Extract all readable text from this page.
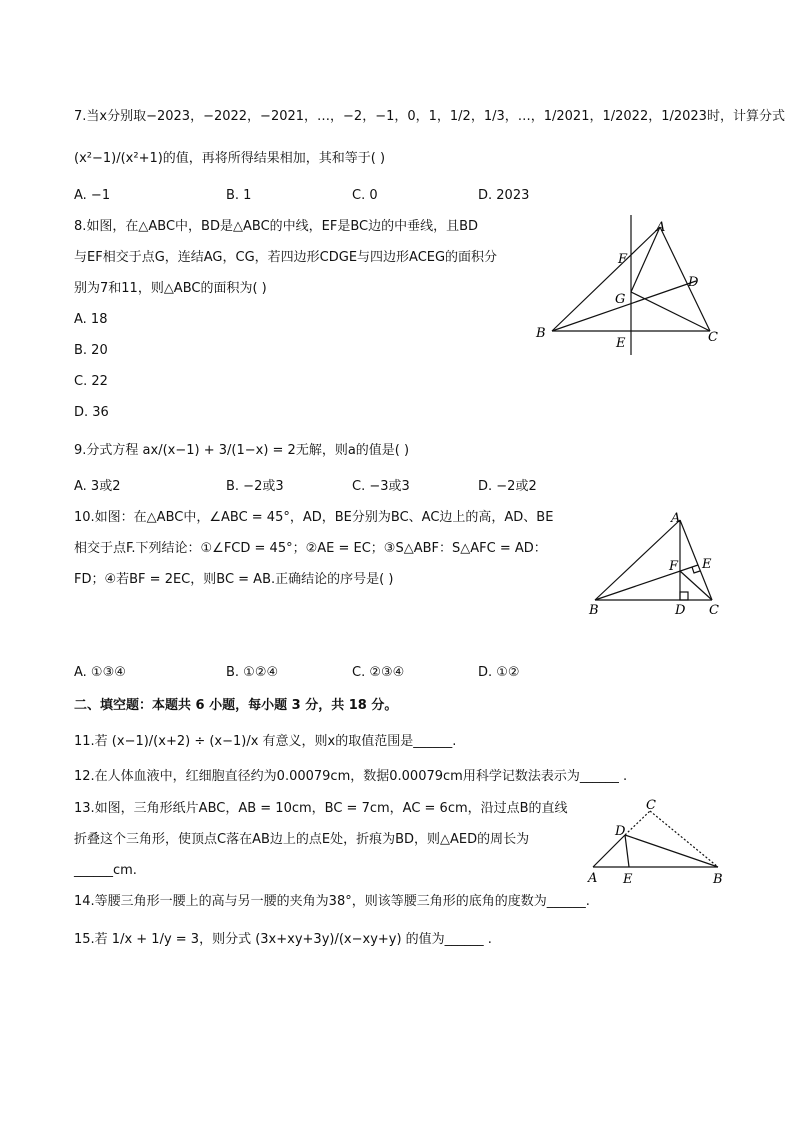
7.当x分别取−2023，−2022，−2021，…，−2，−1，0，1，1/2，1/3，…，1/2021，1/2022，1/2023时，计算分式
(x²−1)/(x²+1)的值，再将所得结果相加，其和等于( )
A. −1	B. 1	C. 0	D. 2023
8.如图，在△ABC中，BD是△ABC的中线，EF是BC边的中垂线，且BD
与EF相交于点G，连结AG，CG，若四边形CDGE与四边形ACEG的面积分
别为7和11，则△ABC的面积为( )
A. 18
B. 20
C. 22
D. 36
A
B	C
D
E
F
G
9.分式方程 ax/(x−1) + 3/(1−x) = 2无解，则a的值是( )
A. 3或2	B. −2或3	C. −3或3	D. −2或2
10.如图：在△ABC中，∠ABC = 45°，AD，BE分别为BC、AC边上的高，AD、BE
相交于点F.下列结论：①∠FCD = 45°；②AE = EC；③S△ABF：S△AFC = AD：
FD；④若BF = 2EC，则BC = AB.正确结论的序号是( )
A
B	C
D
E
F
A. ①③④	B. ①②④	C. ②③④	D. ①②
二、填空题：本题共 6 小题，每小题 3 分，共 18 分。
11.若 (x−1)/(x+2) ÷ (x−1)/x 有意义，则x的取值范围是______.
12.在人体血液中，红细胞直径约为0.00079cm，数据0.00079cm用科学记数法表示为______ .
13.如图，三角形纸片ABC，AB = 10cm，BC = 7cm，AC = 6cm，沿过点B的直线
折叠这个三角形，使顶点C落在AB边上的点E处，折痕为BD，则△AED的周长为
______cm.
C
D
A E	B
14.等腰三角形一腰上的高与另一腰的夹角为38°，则该等腰三角形的底角的度数为______.
15.若 1/x + 1/y = 3，则分式 (3x+xy+3y)/(x−xy+y) 的值为______ .
